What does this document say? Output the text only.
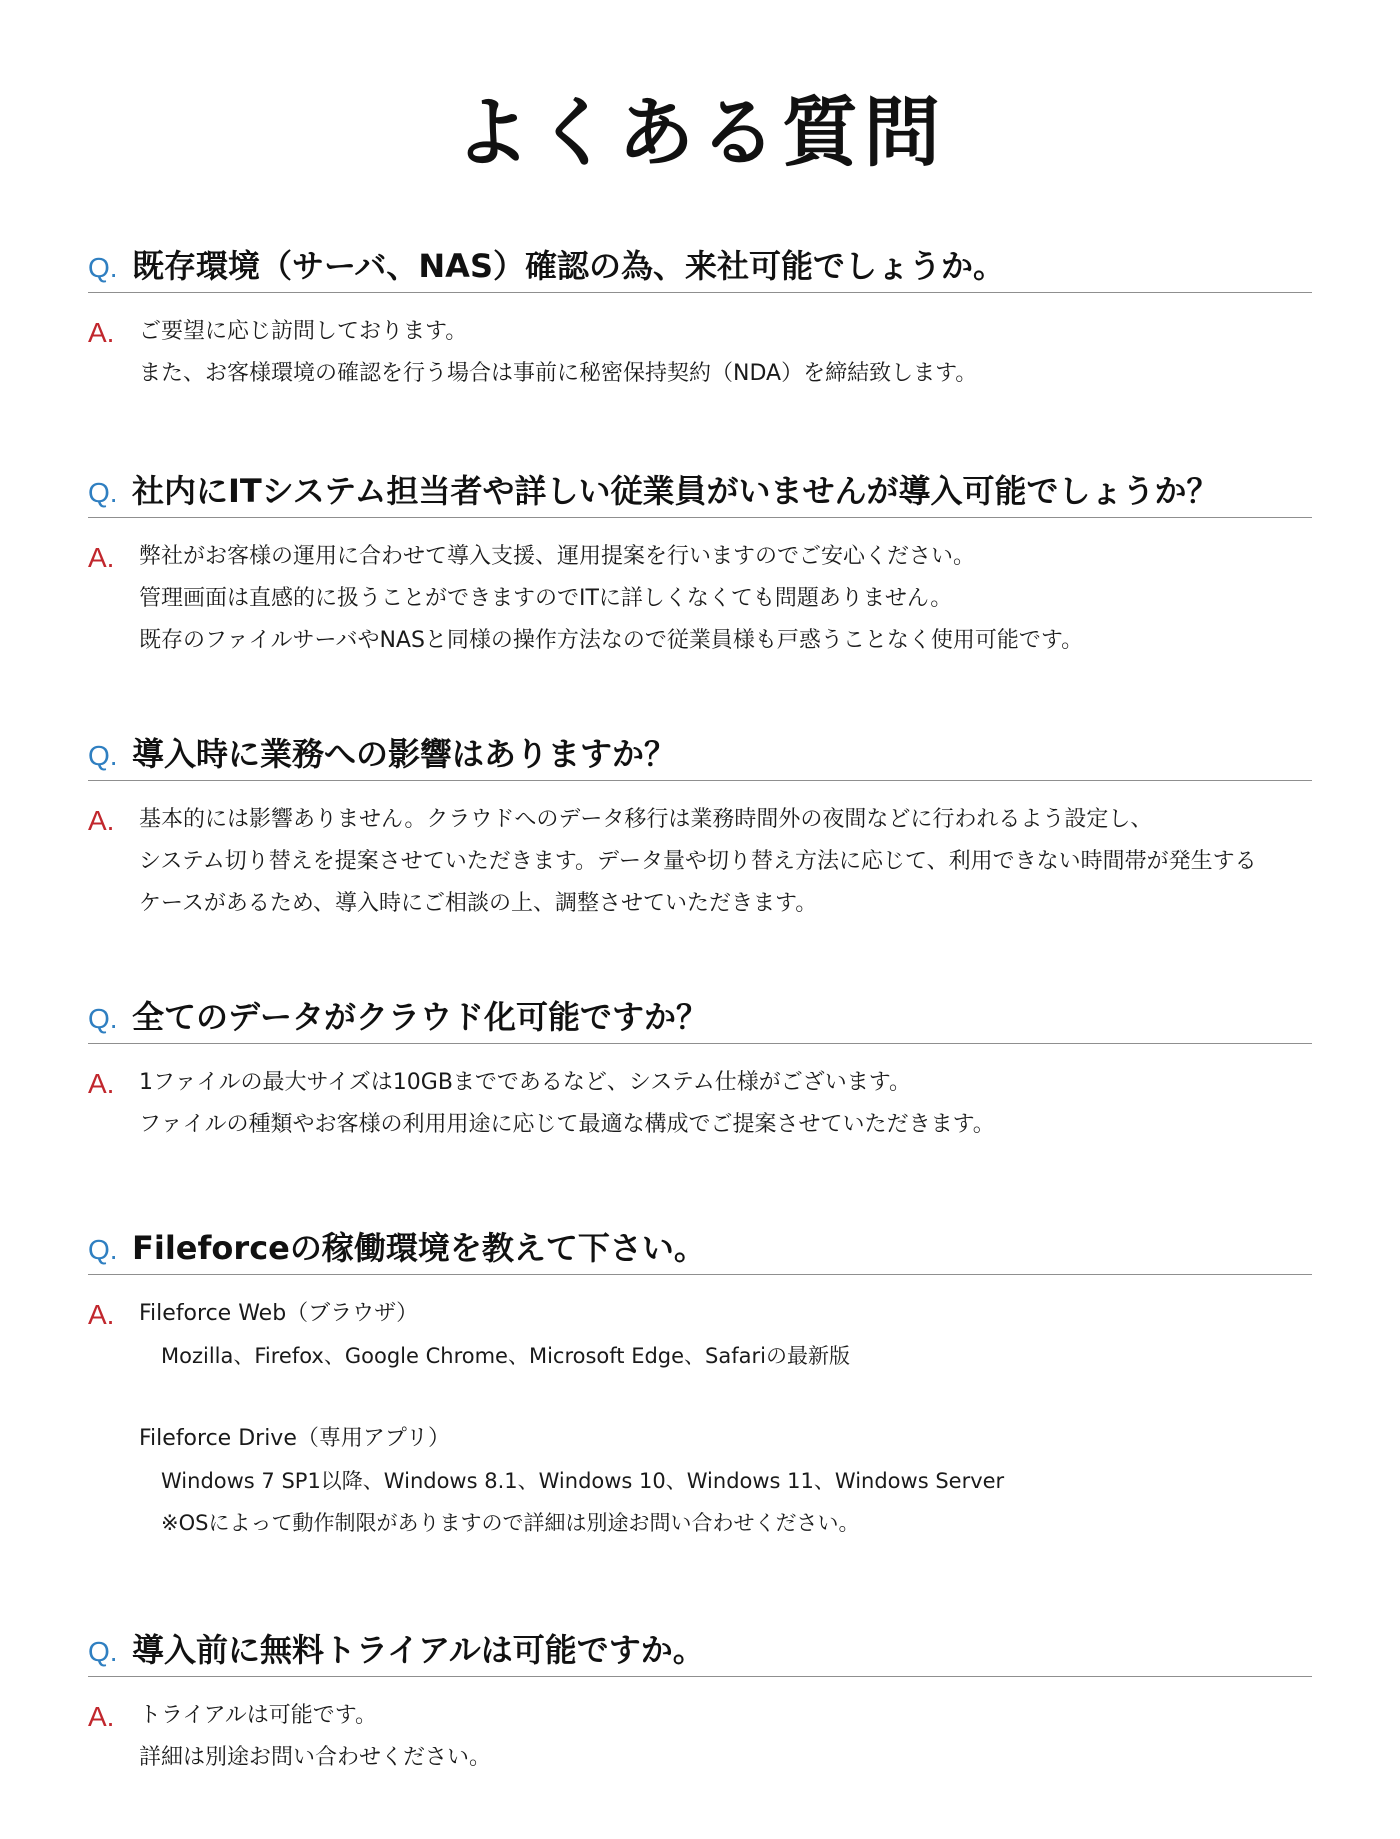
よくある質問
Q. 既存環境（サーバ、NAS）確認の為、来社可能でしょうか。
A. ご要望に応じ訪問しております。
また、お客様環境の確認を行う場合は事前に秘密保持契約（NDA）を締結致します。
Q. 社内にITシステム担当者や詳しい従業員がいませんが導入可能でしょうか？
A. 弊社がお客様の運用に合わせて導入支援、運用提案を行いますのでご安心ください。
管理画面は直感的に扱うことができますのでITに詳しくなくても問題ありません。
既存のファイルサーバやNASと同様の操作方法なので従業員様も戸惑うことなく使用可能です。
Q. 導入時に業務への影響はありますか？
A. 基本的には影響ありません。クラウドへのデータ移行は業務時間外の夜間などに行われるよう設定し、
システム切り替えを提案させていただきます。データ量や切り替え方法に応じて、利用できない時間帯が発生する
ケースがあるため、導入時にご相談の上、調整させていただきます。
Q. 全てのデータがクラウド化可能ですか？
A. 1ファイルの最大サイズは10GBまでであるなど、システム仕様がございます。
ファイルの種類やお客様の利用用途に応じて最適な構成でご提案させていただきます。
Q. Fileforceの稼働環境を教えて下さい。
A. Fileforce Web（ブラウザ）
Mozilla、Firefox、Google Chrome、Microsoft Edge、Safariの最新版
Fileforce Drive（専用アプリ）
Windows 7 SP1以降、Windows 8.1、Windows 10、Windows 11、Windows Server
※OSによって動作制限がありますので詳細は別途お問い合わせください。
Q. 導入前に無料トライアルは可能ですか。
A. トライアルは可能です。
詳細は別途お問い合わせください。
